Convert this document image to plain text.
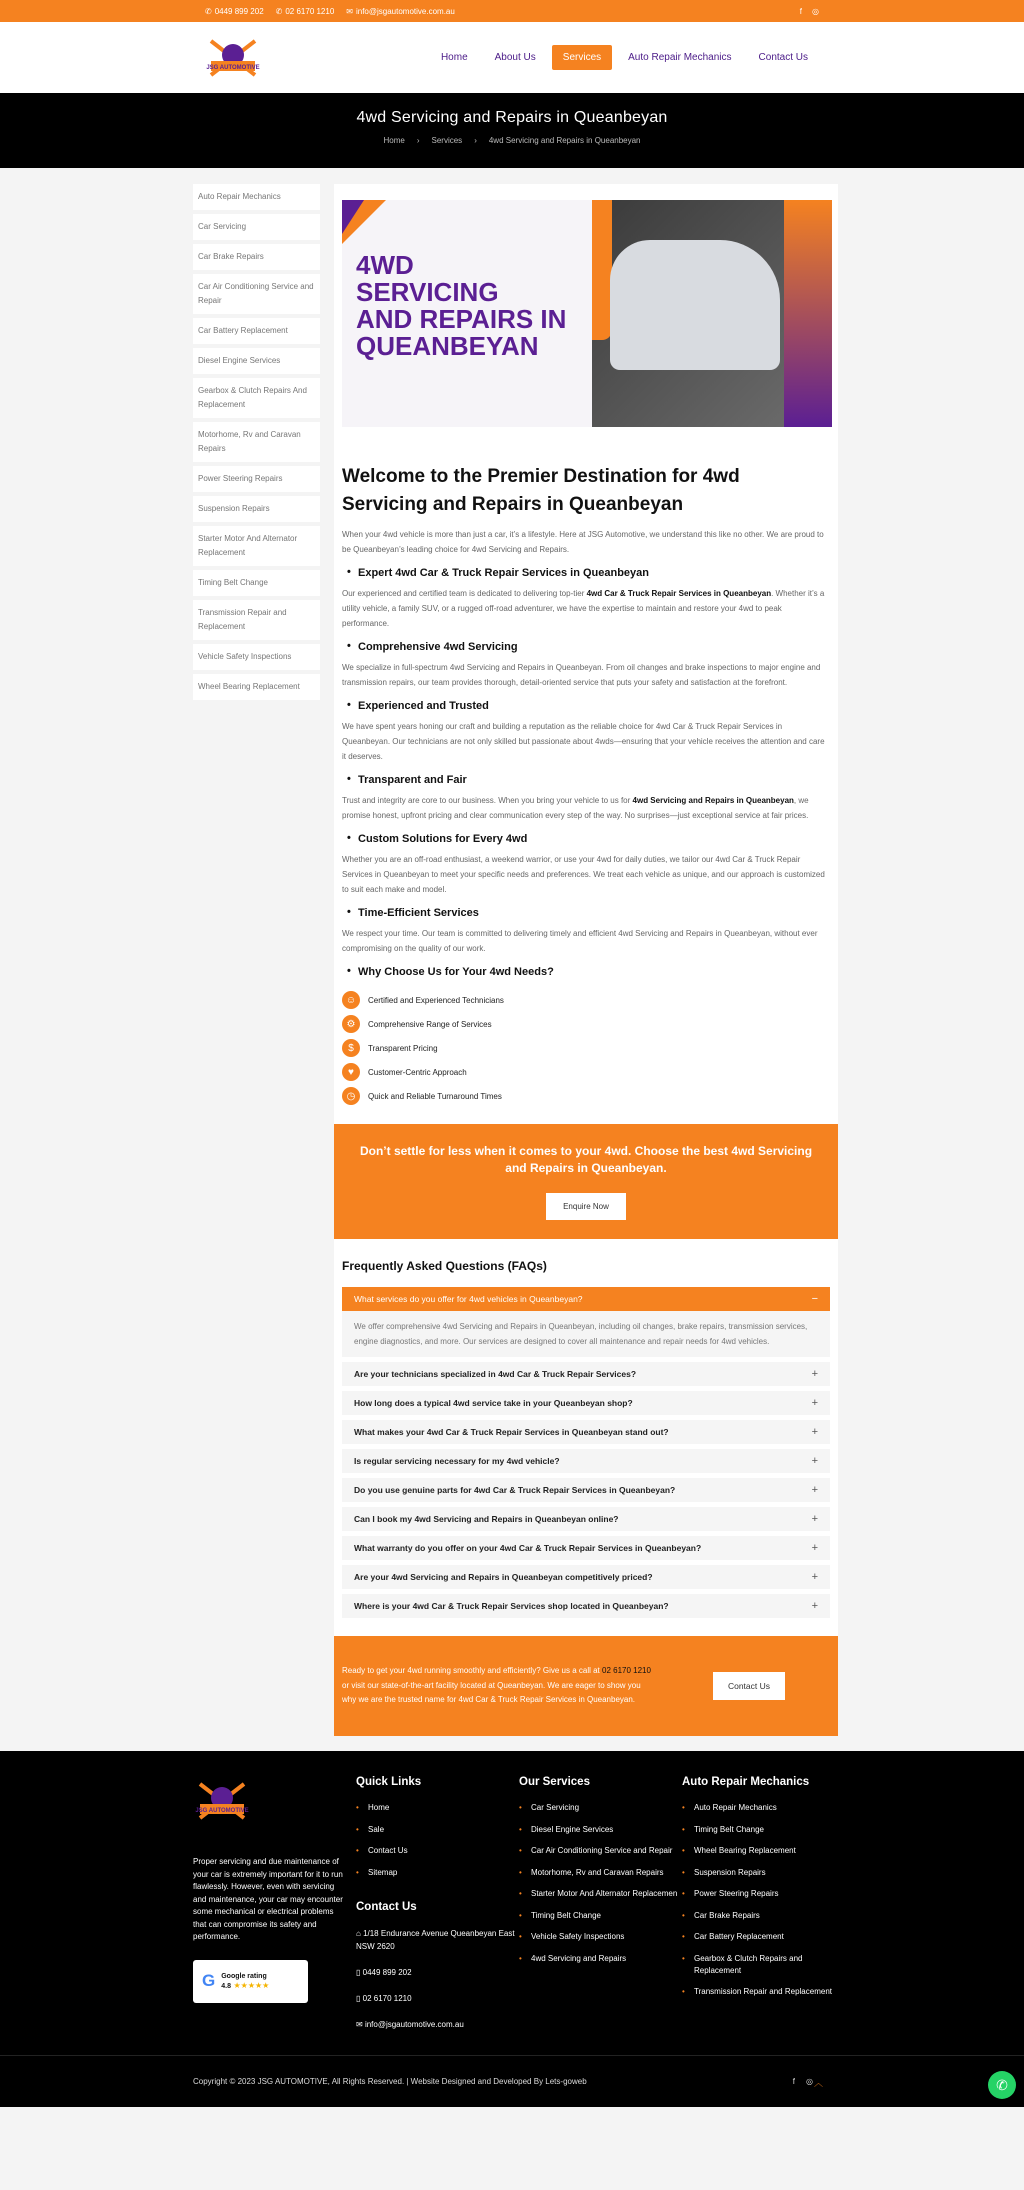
✆ 0449 899 202 ✆ 02 6170 1210 ✉ info@jsgautomotive.com.au	f ◎
JSG AUTOMOTIVE
Home	About Us	Services	Auto Repair Mechanics	Contact Us
4wd Servicing and Repairs in Queanbeyan
Home › Services › 4wd Servicing and Repairs in Queanbeyan
Auto Repair Mechanics
Car Servicing
Car Brake Repairs
Car Air Conditioning Service and Repair
Car Battery Replacement
Diesel Engine Services
Gearbox & Clutch Repairs And Replacement
Motorhome, Rv and Caravan Repairs
Power Steering Repairs
Suspension Repairs
Starter Motor And Alternator Replacement
Timing Belt Change
Transmission Repair and Replacement
Vehicle Safety Inspections
Wheel Bearing Replacement
4WD
SERVICING
AND REPAIRS IN
QUEANBEYAN
Welcome to the Premier Destination for 4wd Servicing and Repairs in Queanbeyan

When your 4wd vehicle is more than just a car, it’s a lifestyle. Here at JSG Automotive, we understand this like no other. We are proud to be Queanbeyan’s leading choice for 4wd Servicing and Repairs.

• Expert 4wd Car & Truck Repair Services in Queanbeyan

Our experienced and certified team is dedicated to delivering top-tier 4wd Car & Truck Repair Services in Queanbeyan. Whether it’s a utility vehicle, a family SUV, or a rugged off-road adventurer, we have the expertise to maintain and restore your 4wd to peak performance.

• Comprehensive 4wd Servicing

We specialize in full-spectrum 4wd Servicing and Repairs in Queanbeyan. From oil changes and brake inspections to major engine and transmission repairs, our team provides thorough, detail-oriented service that puts your safety and satisfaction at the forefront.

• Experienced and Trusted

We have spent years honing our craft and building a reputation as the reliable choice for 4wd Car & Truck Repair Services in Queanbeyan. Our technicians are not only skilled but passionate about 4wds—ensuring that your vehicle receives the attention and care it deserves.

• Transparent and Fair

Trust and integrity are core to our business. When you bring your vehicle to us for 4wd Servicing and Repairs in Queanbeyan, we promise honest, upfront pricing and clear communication every step of the way. No surprises—just exceptional service at fair prices.

• Custom Solutions for Every 4wd

Whether you are an off-road enthusiast, a weekend warrior, or use your 4wd for daily duties, we tailor our 4wd Car & Truck Repair Services in Queanbeyan to meet your specific needs and preferences. We treat each vehicle as unique, and our approach is customized to suit each make and model.

• Time-Efficient Services

We respect your time. Our team is committed to delivering timely and efficient 4wd Servicing and Repairs in Queanbeyan, without ever compromising on the quality of our work.

• Why Choose Us for Your 4wd Needs?
☺	Certified and Experienced Technicians
⚙	Comprehensive Range of Services
$	Transparent Pricing
♥	Customer-Centric Approach
◷	Quick and Reliable Turnaround Times
Don’t settle for less when it comes to your 4wd. Choose the best 4wd Servicing and Repairs in Queanbeyan.
Enquire Now
Frequently Asked Questions (FAQs)
What services do you offer for 4wd vehicles in Queanbeyan?	−
We offer comprehensive 4wd Servicing and Repairs in Queanbeyan, including oil changes, brake repairs, transmission services, engine diagnostics, and more. Our services are designed to cover all maintenance and repair needs for 4wd vehicles.
Are your technicians specialized in 4wd Car & Truck Repair Services?	+
How long does a typical 4wd service take in your Queanbeyan shop?	+
What makes your 4wd Car & Truck Repair Services in Queanbeyan stand out?	+
Is regular servicing necessary for my 4wd vehicle?	+
Do you use genuine parts for 4wd Car & Truck Repair Services in Queanbeyan?	+
Can I book my 4wd Servicing and Repairs in Queanbeyan online?	+
What warranty do you offer on your 4wd Car & Truck Repair Services in Queanbeyan?	+
Are your 4wd Servicing and Repairs in Queanbeyan competitively priced?	+
Where is your 4wd Car & Truck Repair Services shop located in Queanbeyan?	+
Ready to get your 4wd running smoothly and efficiently? Give us a call at 02 6170 1210 or visit our state-of-the-art facility located at Queanbeyan. We are eager to show you why we are the trusted name for 4wd Car & Truck Repair Services in Queanbeyan.
Contact Us
JSG AUTOMOTIVE
Proper servicing and due maintenance of your car is extremely important for it to run flawlessly. However, even with servicing and maintenance, your car may encounter some mechanical or electrical problems that can compromise its safety and performance.
G Google rating
4.8 ★★★★★
Quick Links
• Home
• Sale
• Contact Us
• Sitemap
Contact Us
⌂ 1/18 Endurance Avenue Queanbeyan East NSW 2620
▯ 0449 899 202
▯ 02 6170 1210
✉ info@jsgautomotive.com.au
Our Services
• Car Servicing
• Diesel Engine Services
• Car Air Conditioning Service and Repair
• Motorhome, Rv and Caravan Repairs
• Starter Motor And Alternator Replacemen
• Timing Belt Change
• Vehicle Safety Inspections
• 4wd Servicing and Repairs
Auto Repair Mechanics
• Auto Repair Mechanics
• Timing Belt Change
• Wheel Bearing Replacement
• Suspension Repairs
• Power Steering Repairs
• Car Brake Repairs
• Car Battery Replacement
• Gearbox & Clutch Repairs and Replacement
• Transmission Repair and Replacement
Copyright © 2023 JSG AUTOMOTIVE, All Rights Reserved. | Website Designed and Developed By Lets-goweb	f ◎ ︿	✆
